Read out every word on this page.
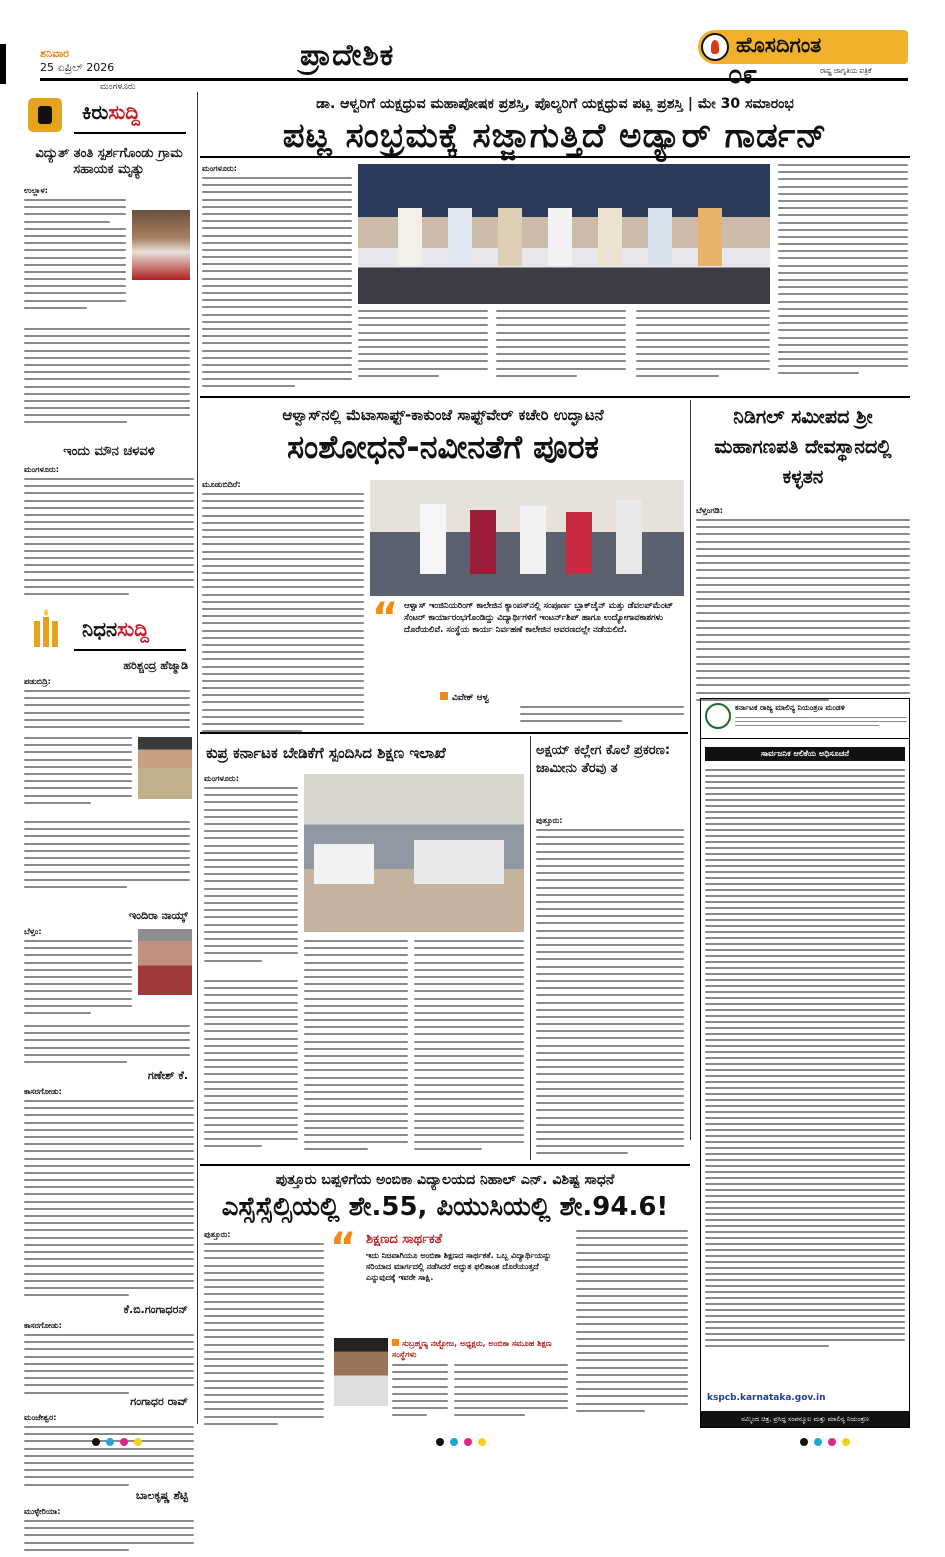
ಶನಿವಾರ
25 ಏಪ್ರಿಲ್ 2026	ಪ್ರಾದೇಶಿಕ
ಮಂಗಳೂರು
ಹೊಸದಿಗಂತ
೦೯	ರಾಷ್ಟ್ರ ಜಾಗೃತಿಯ ಪತ್ರಿಕೆ
ಕಿರುಸುದ್ದಿ
ವಿದ್ಯುತ್ ತಂತಿ ಸ್ಪರ್ಶಗೊಂಡು ಗ್ರಾಮ ಸಹಾಯಕ ಮೃತ್ಯು
ಉಲ್ಲಾಳ:
ಇಂದು ಮೌನ ಚಳವಳಿ
ಮಂಗಳೂರು:
ನಿಧನಸುದ್ದಿ
ಹರಿಶ್ಚಂದ್ರ ಹೆಜ್ಮಾಡಿ
ಪಡುಬಿದ್ರಿ:
ಇಂದಿರಾ ನಾಯ್ಕ್
ಬೆಳ್ತಂ:
ಗಣೇಶ್ ಕೆ.
ಕಾಸರಗೋಡು:
ಕೆ.ಬಿ.ಗಂಗಾಧರನ್
ಕಾಸರಗೋಡು:
ಗಂಗಾಧರ ರಾವ್
ಮಂಜೇಶ್ವರ:
ಬಾಲಕೃಷ್ಣ ಶೆಟ್ಟಿ
ಮುಳ್ಳೇರಿಯಾ:
ಡಾ. ಆಳ್ವರಿಗೆ ಯಕ್ಷಧ್ರುವ ಮಹಾಪೋಷಕ ಪ್ರಶಸ್ತಿ, ಪೊಲ್ಯರಿಗೆ ಯಕ್ಷಧ್ರುವ ಪಟ್ಲ ಪ್ರಶಸ್ತಿ | ಮೇ 30 ಸಮಾರಂಭ
ಪಟ್ಲ ಸಂಭ್ರಮಕ್ಕೆ ಸಜ್ಜಾಗುತ್ತಿದೆ ಅಡ್ಯಾರ್ ಗಾರ್ಡನ್
ಮಂಗಳೂರು:
ಆಳ್ವಾಸ್‌ನಲ್ಲಿ ಮೆಟಾಸಾಫ್ಟ್-ಕಾಕುಂಜೆ ಸಾಫ್ಟ್‌ವೇರ್ ಕಚೇರಿ ಉದ್ಘಾಟನೆ
ಸಂಶೋಧನೆ-ನವೀನತೆಗೆ ಪೂರಕ
ಮೂಡುಬಿದಿರೆ:
“ ಆಳ್ವಾಸ್ ಇಂಜಿನಿಯರಿಂಗ್ ಕಾಲೇಜಿನ ಕ್ಯಾಂಪಸ್‌ನಲ್ಲಿ ಸಂಪೂರ್ಣ ಬ್ಲಾಕ್‌ಚೈನ್ ಮತ್ತು ಡೆವಲಪ್‌ಮೆಂಟ್ ಸೆಂಟರ್ ಕಾರ್ಯಾರಂಭಗೊಂಡಿದ್ದು ವಿದ್ಯಾರ್ಥಿಗಳಿಗೆ ಇಂಟರ್ನ್‌ಶಿಪ್ ಹಾಗೂ ಉದ್ಯೋಗಾವಕಾಶಗಳು ದೊರೆಯಲಿವೆ. ಸಂಸ್ಥೆಯ ಕಾರ್ಯ ನಿರ್ವಹಣೆ ಕಾಲೇಜಿನ ಆವರಣದಲ್ಲೇ ನಡೆಯಲಿದೆ.
ವಿವೇಕ್ ಆಳ್ವ
ನಿಡಿಗಲ್ ಸಮೀಪದ ಶ್ರೀ ಮಹಾಗಣಪತಿ ದೇವಸ್ಥಾನದಲ್ಲಿ ಕಳ್ಳತನ
ಬೆಳ್ತಂಗಡಿ:
ಕರ್ನಾಟಕ ರಾಜ್ಯ ಮಾಲಿನ್ಯ ನಿಯಂತ್ರಣ ಮಂಡಳಿ
ಸಾರ್ವಜನಿಕ ಆಲಿಕೆಯ ಅಧಿಸೂಚನೆ
kspcb.karnataka.gov.in
ನಮ್ಮಿಂದ ಚಿತ್ರ, ಪ್ರಸಿದ್ಧ ಸಂಪನ್ಮೂಲ ಮತ್ತು ಮಾಲಿನ್ಯ ನಿಯಂತ್ರಣ
ಕುಪ್ರ ಕರ್ನಾಟಕ ಬೇಡಿಕೆಗೆ ಸ್ಪಂದಿಸಿದ ಶಿಕ್ಷಣ ಇಲಾಖೆ
ಮಂಗಳೂರು:
ಅಕ್ಷಯ್ ಕಲ್ಲೇಗ ಕೊಲೆ ಪ್ರಕರಣ: ಜಾಮೀನು ತೆರವು ತ
ಪುತ್ತೂರು:
ಪುತ್ತೂರು ಬಪ್ಪಳಿಗೆಯ ಅಂಬಿಕಾ ವಿದ್ಯಾಲಯದ ನಿಹಾಲ್ ಎನ್. ವಿಶಿಷ್ಟ ಸಾಧನೆ
ಎಸ್ಸೆಸ್ಸೆಲ್ಸಿಯಲ್ಲಿ ಶೇ.55, ಪಿಯುಸಿಯಲ್ಲಿ ಶೇ.94.6!
ಪುತ್ತೂರು:	“ ಶಿಕ್ಷಣದ ಸಾರ್ಥಕತೆ
ಇದು ನಿಜವಾಗಿಯೂ ಅಂಬಿಕಾ ಶಿಕ್ಷಣದ ಸಾರ್ಥಕತೆ. ಒಬ್ಬ ವಿದ್ಯಾರ್ಥಿಯನ್ನು ಸರಿಯಾದ ಮಾರ್ಗದಲ್ಲಿ ನಡೆಸಿದರೆ ಅದ್ಭುತ ಫಲಿತಾಂಶ ದೊರೆಯುತ್ತದೆ ಎನ್ನುವುದಕ್ಕೆ ಇವರೇ ಸಾಕ್ಷಿ.
ಸುಬ್ರಹ್ಮಣ್ಯ ನಟ್ಟೋಜ, ಅಧ್ಯಕ್ಷರು, ಅಂಬಿಕಾ ಸಮೂಹ ಶಿಕ್ಷಣ ಸಂಸ್ಥೆಗಳು
